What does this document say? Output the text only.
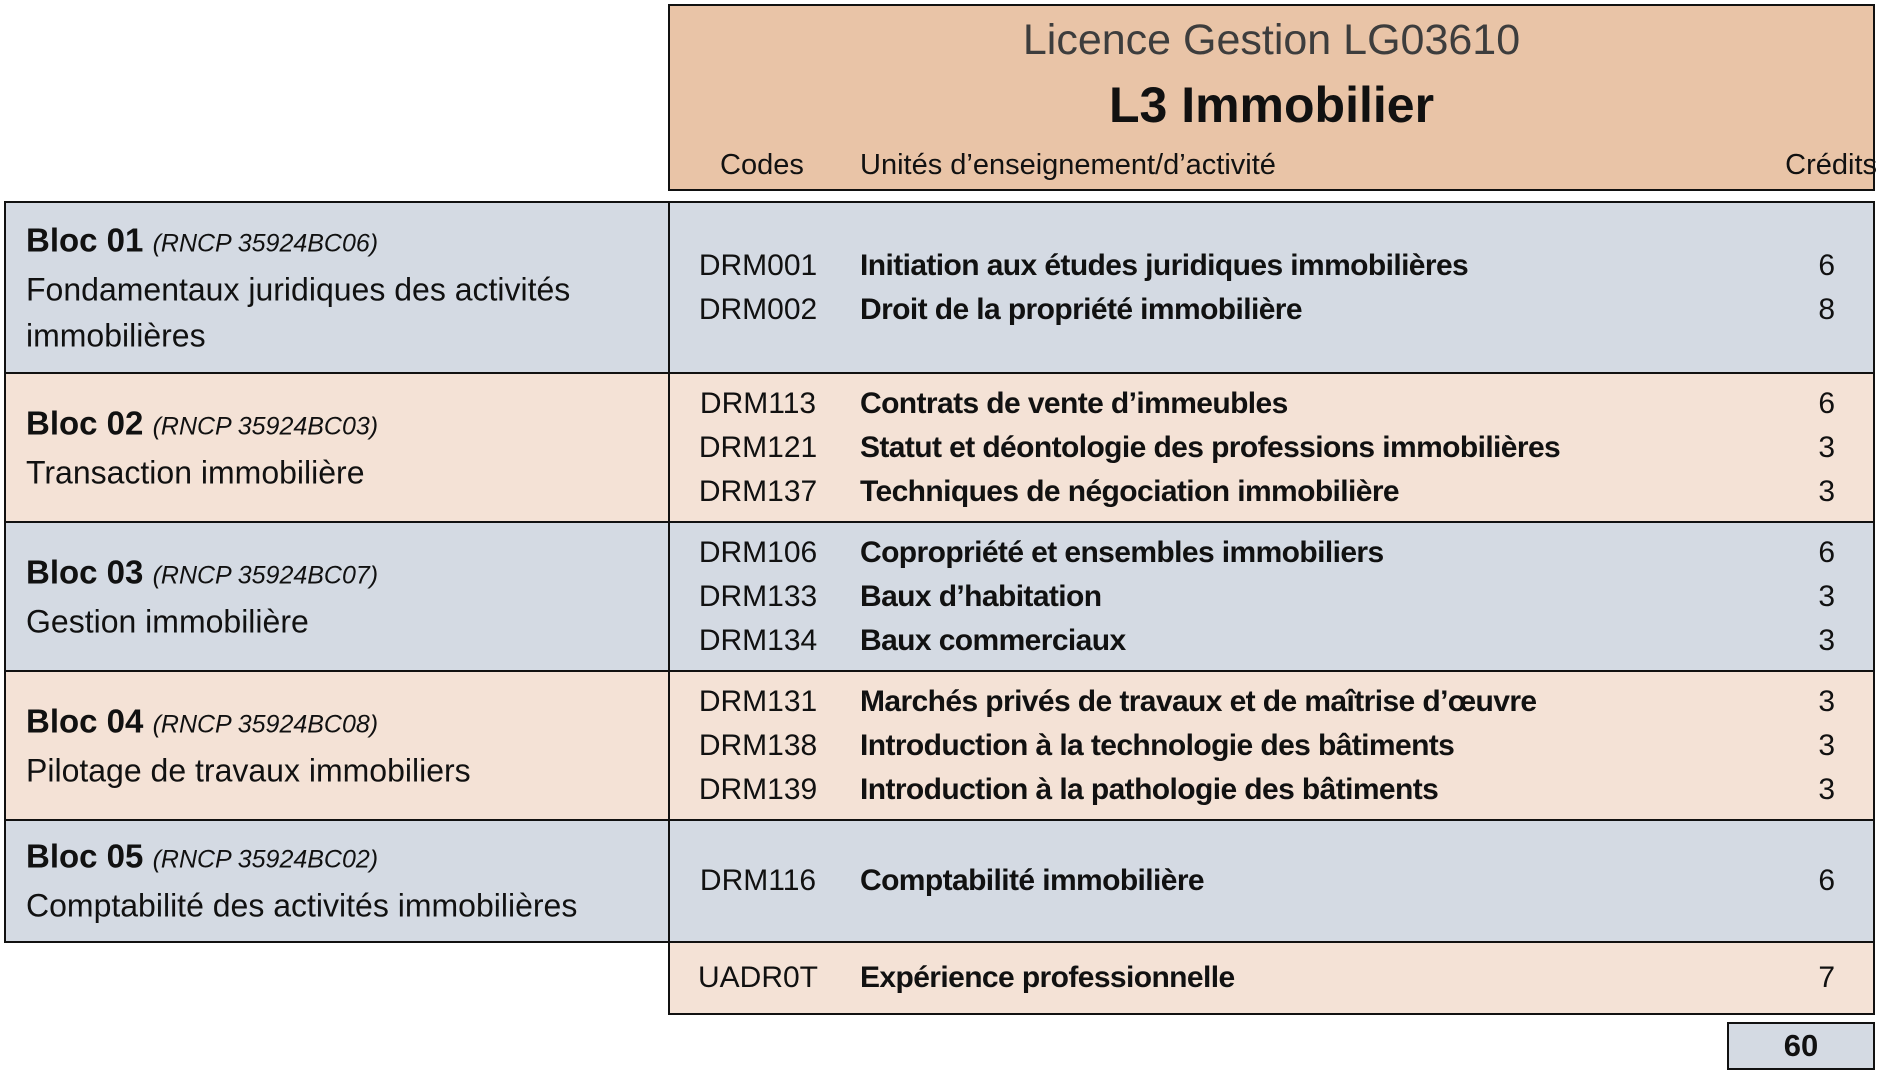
Licence Gestion LG03610
L3 Immobilier
Codes Unités d’enseignement/d’activité	Crédits
Bloc 01 (RNCP 35924BC06)
Fondamentaux juridiques des activités immobilières
DRM001	Initiation aux études juridiques immobilières	6
DRM002	Droit de la propriété immobilière	8
Bloc 02 (RNCP 35924BC03)
Transaction immobilière
DRM113	Contrats de vente d’immeubles	6
DRM121	Statut et déontologie des professions immobilières	3
DRM137	Techniques de négociation immobilière	3
Bloc 03 (RNCP 35924BC07)
Gestion immobilière
DRM106	Copropriété et ensembles immobiliers	6
DRM133	Baux d’habitation	3
DRM134	Baux commerciaux	3
Bloc 04 (RNCP 35924BC08)
Pilotage de travaux immobiliers
DRM131	Marchés privés de travaux et de maîtrise d’œuvre	3
DRM138	Introduction à la technologie des bâtiments	3
DRM139	Introduction à la pathologie des bâtiments	3
Bloc 05 (RNCP 35924BC02)
Comptabilité des activités immobilières
DRM116	Comptabilité immobilière	6
UADR0T	Expérience professionnelle	7
60
